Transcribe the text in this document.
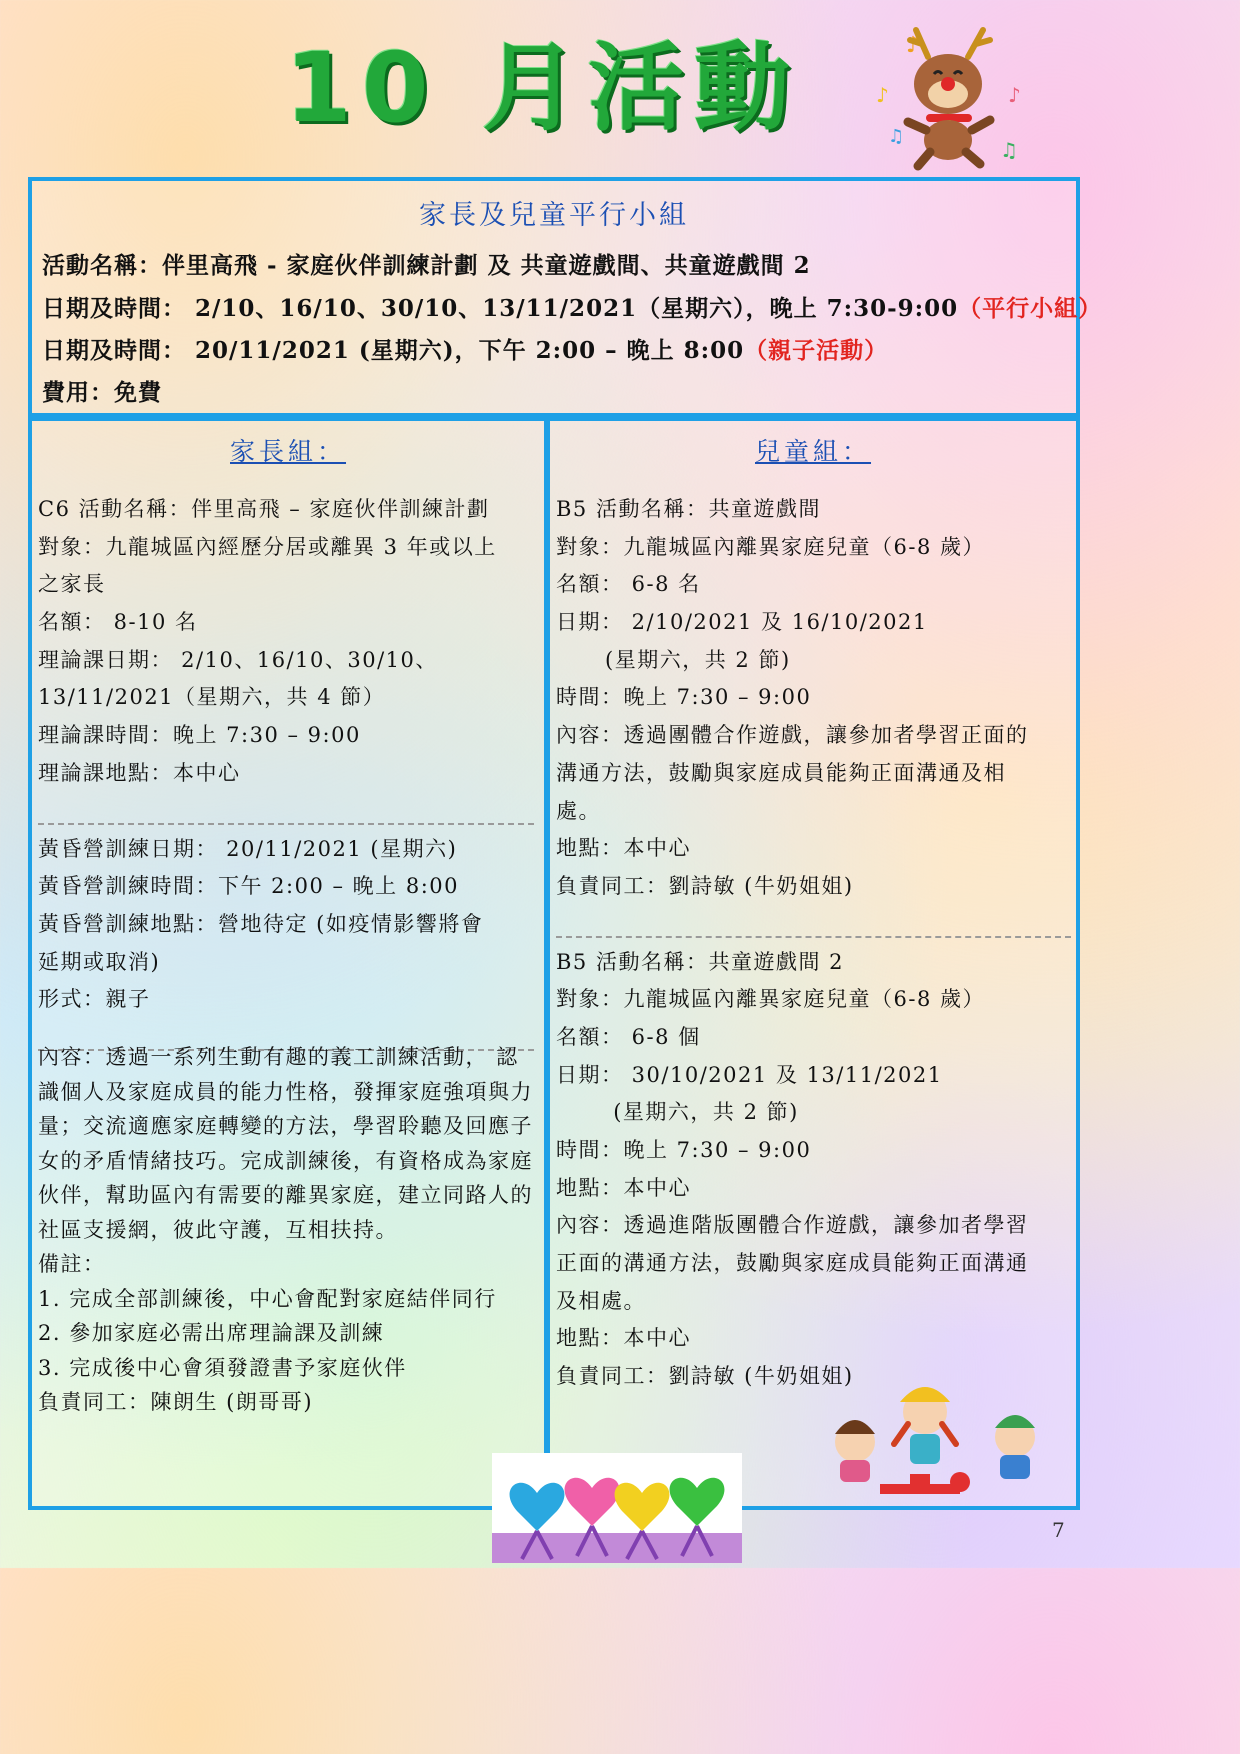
10 月活動	♪
♪	♪
♫
♫
家長及兒童平行小組
活動名稱：伴里高飛 - 家庭伙伴訓練計劃 及 共童遊戲間、共童遊戲間 2
日期及時間： 2/10、16/10、30/10、13/11/2021（星期六），晚上 7:30-9:00（平行小組）
日期及時間： 20/11/2021 (星期六)，下午 2:00 – 晚上 8:00（親子活動）
費用：免費
家長組：
C6 活動名稱：伴里高飛 – 家庭伙伴訓練計劃
對象：九龍城區內經歷分居或離異 3 年或以上
之家長
名額： 8-10 名
理論課日期： 2/10、16/10、30/10、
13/11/2021（星期六，共 4 節）
理論課時間：晚上 7:30 – 9:00
理論課地點：本中心
黃昏營訓練日期： 20/11/2021 (星期六)
黃昏營訓練時間：下午 2:00 – 晚上 8:00
黃昏營訓練地點：營地待定 (如疫情影響將會
延期或取消)
形式：親子
內容：透過一系列生動有趣的義工訓練活動， 認
識個人及家庭成員的能力性格，發揮家庭強項與力
量；交流適應家庭轉變的方法，學習聆聽及回應子
女的矛盾情緒技巧。完成訓練後，有資格成為家庭
伙伴，幫助區內有需要的離異家庭，建立同路人的
社區支援網，彼此守護，互相扶持。
備註：
1. 完成全部訓練後，中心會配對家庭結伴同行
2. 參加家庭必需出席理論課及訓練
3. 完成後中心會須發證書予家庭伙伴
負責同工：陳朗生 (朗哥哥)
兒童組：
B5 活動名稱：共童遊戲間
對象：九龍城區內離異家庭兒童（6-8 歲）
名額： 6-8 名
日期： 2/10/2021 及 16/10/2021
(星期六，共 2 節)
時間：晚上 7:30 – 9:00
內容：透過團體合作遊戲，讓參加者學習正面的
溝通方法，鼓勵與家庭成員能夠正面溝通及相
處。
地點：本中心
負責同工：劉詩敏 (牛奶姐姐)
B5 活動名稱：共童遊戲間 2
對象：九龍城區內離異家庭兒童（6-8 歲）
名額： 6-8 個
日期： 30/10/2021 及 13/11/2021
(星期六，共 2 節)
時間：晚上 7:30 – 9:00
地點：本中心
內容：透過進階版團體合作遊戲，讓參加者學習
正面的溝通方法，鼓勵與家庭成員能夠正面溝通
及相處。
地點：本中心
負責同工：劉詩敏 (牛奶姐姐)
7
